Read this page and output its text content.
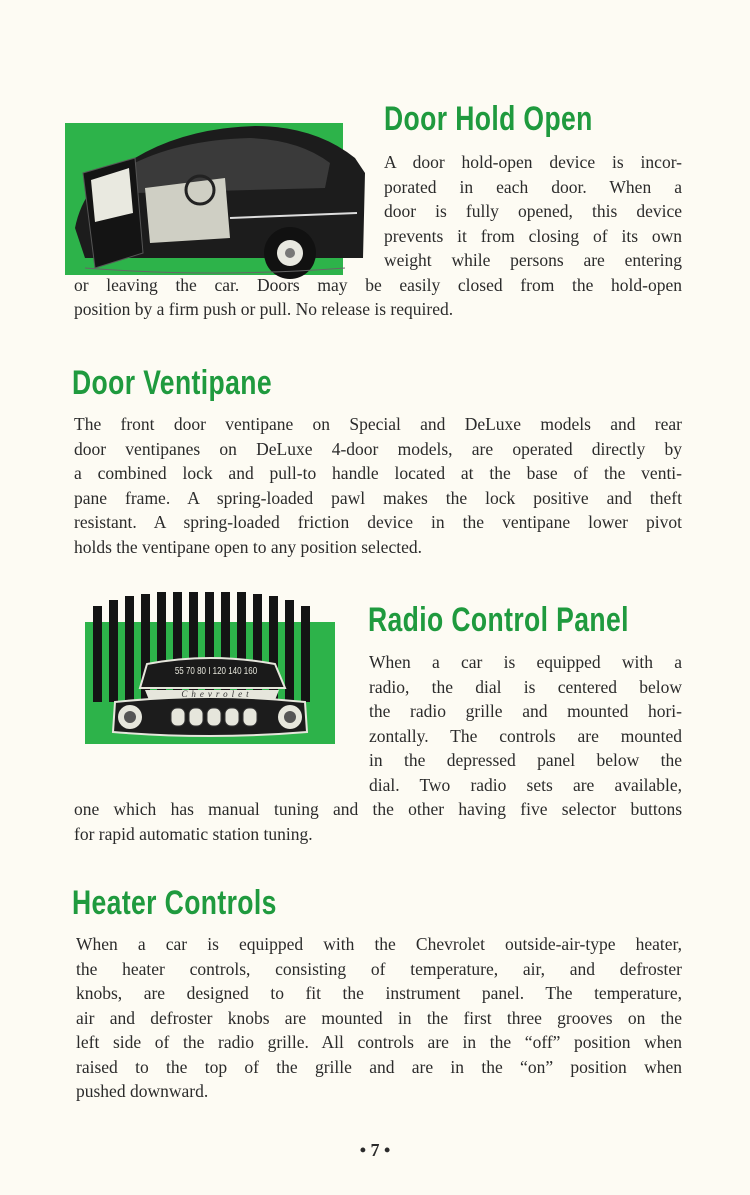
Door Hold Open
A door hold-open device is incor-
porated in each door. When a
door is fully opened, this device
prevents it from closing of its own
weight while persons are entering
or leaving the car. Doors may be easily closed from the hold-open
position by a firm push or pull. No release is required.
Door Ventipane
The front door ventipane on Special and DeLuxe models and rear
door ventipanes on DeLuxe 4-door models, are operated directly by
a combined lock and pull-to handle located at the base of the venti-
pane frame. A spring-loaded pawl makes the lock positive and theft
resistant. A spring-loaded friction device in the ventipane lower pivot
holds the ventipane open to any position selected.
55 70 80 I 120 140 160
Chevrolet
Radio Control Panel
When a car is equipped with a
radio, the dial is centered below
the radio grille and mounted hori-
zontally. The controls are mounted
in the depressed panel below the
dial. Two radio sets are available,
one which has manual tuning and the other having five selector buttons
for rapid automatic station tuning.
Heater Controls
When a car is equipped with the Chevrolet outside-air-type heater,
the heater controls, consisting of temperature, air, and defroster
knobs, are designed to fit the instrument panel. The temperature,
air and defroster knobs are mounted in the first three grooves on the
left side of the radio grille. All controls are in the “off” position when
raised to the top of the grille and are in the “on” position when
pushed downward.
• 7 •
